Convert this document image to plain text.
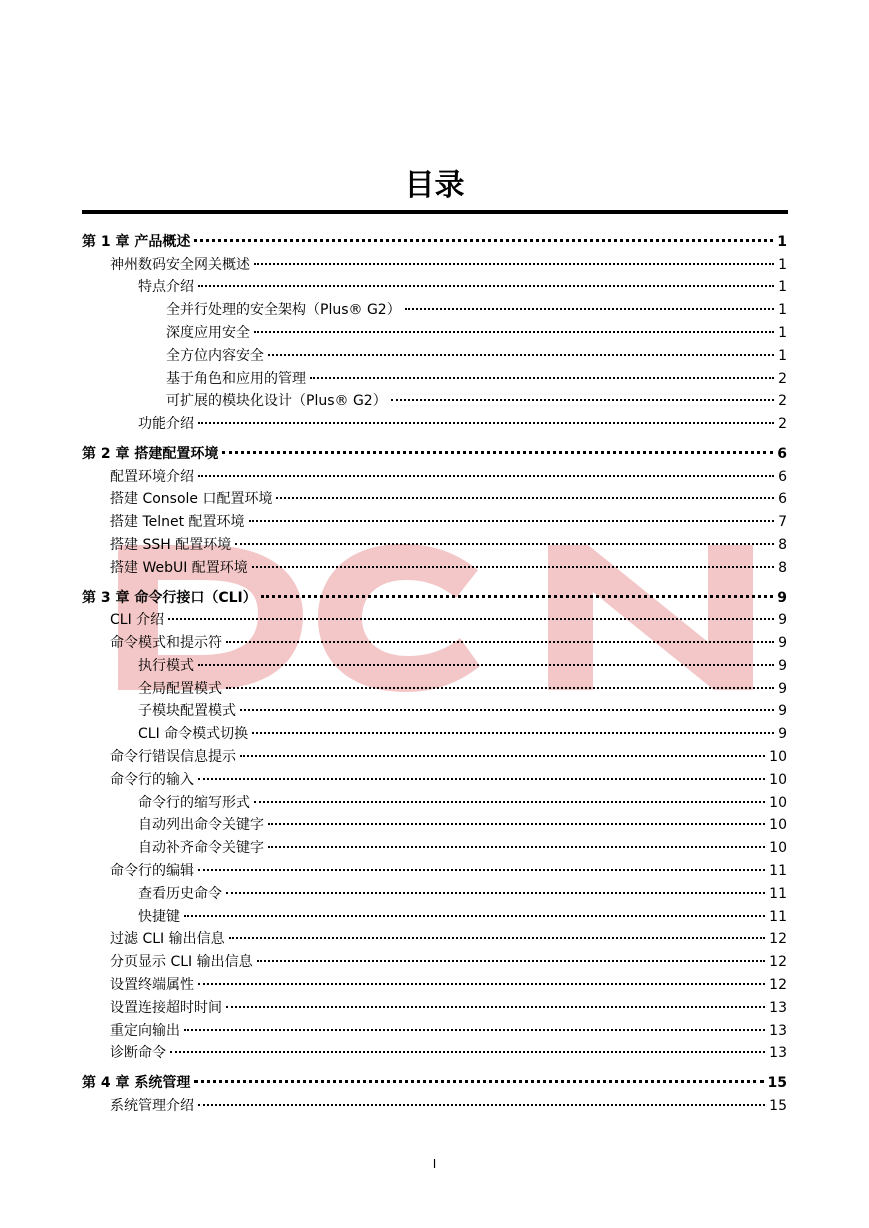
目录
第 1 章 产品概述	1
神州数码安全网关概述	1
特点介绍	1
全并行处理的安全架构（Plus® G2）	1
深度应用安全	1
全方位内容安全	1
基于角色和应用的管理	2
可扩展的模块化设计（Plus® G2）	2
功能介绍	2
第 2 章 搭建配置环境	6
配置环境介绍	6
搭建 Console 口配置环境	6
搭建 Telnet 配置环境	7
搭建 SSH 配置环境	8
搭建 WebUI 配置环境	8
第 3 章 命令行接口（CLI）	9
CLI 介绍	9
命令模式和提示符	9
执行模式	9
全局配置模式	9
子模块配置模式	9
CLI 命令模式切换	9
命令行错误信息提示	10
命令行的输入	10
命令行的缩写形式	10
自动列出命令关键字	10
自动补齐命令关键字	10
命令行的编辑	11
查看历史命令	11
快捷键	11
过滤 CLI 输出信息	12
分页显示 CLI 输出信息	12
设置终端属性	12
设置连接超时时间	13
重定向输出	13
诊断命令	13
第 4 章 系统管理	15
系统管理介绍	15
I
